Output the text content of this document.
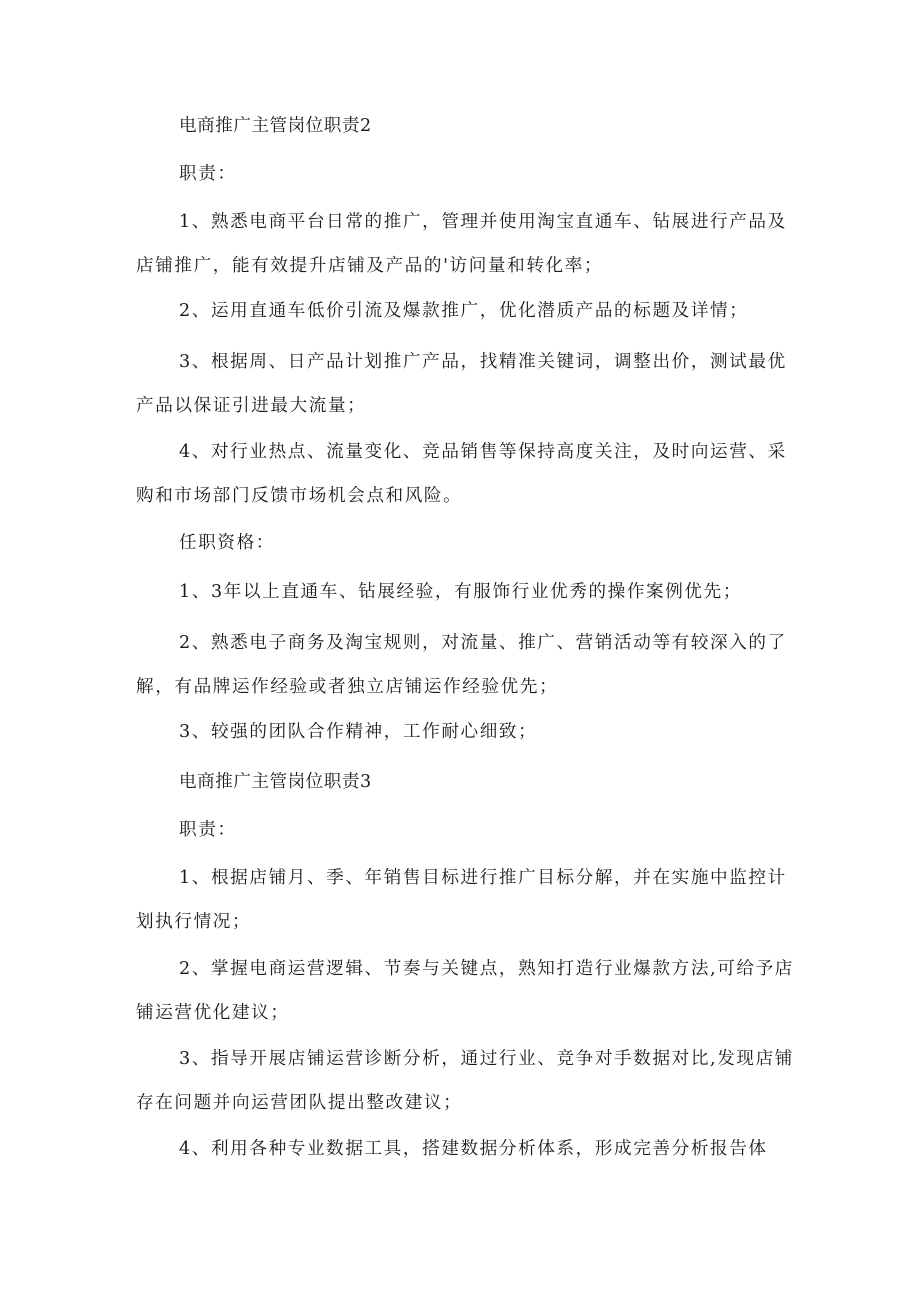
电商推广主管岗位职责2

职责：

1、熟悉电商平台日常的推广，管理并使用淘宝直通车、钻展进行产品及店铺推广，能有效提升店铺及产品的'访问量和转化率；

2、运用直通车低价引流及爆款推广，优化潜质产品的标题及详情；

3、根据周、日产品计划推广产品，找精准关键词，调整出价，测试最优产品以保证引进最大流量；

4、对行业热点、流量变化、竞品销售等保持高度关注，及时向运营、采购和市场部门反馈市场机会点和风险。

任职资格：

1、3年以上直通车、钻展经验，有服饰行业优秀的操作案例优先；

2、熟悉电子商务及淘宝规则，对流量、推广、营销活动等有较深入的了解，有品牌运作经验或者独立店铺运作经验优先；

3、较强的团队合作精神，工作耐心细致；

电商推广主管岗位职责3

职责：

1、根据店铺月、季、年销售目标进行推广目标分解，并在实施中监控计划执行情况；

2、掌握电商运营逻辑、节奏与关键点，熟知打造行业爆款方法,可给予店铺运营优化建议；

3、指导开展店铺运营诊断分析，通过行业、竞争对手数据对比,发现店铺存在问题并向运营团队提出整改建议；

4、利用各种专业数据工具，搭建数据分析体系，形成完善分析报告体
